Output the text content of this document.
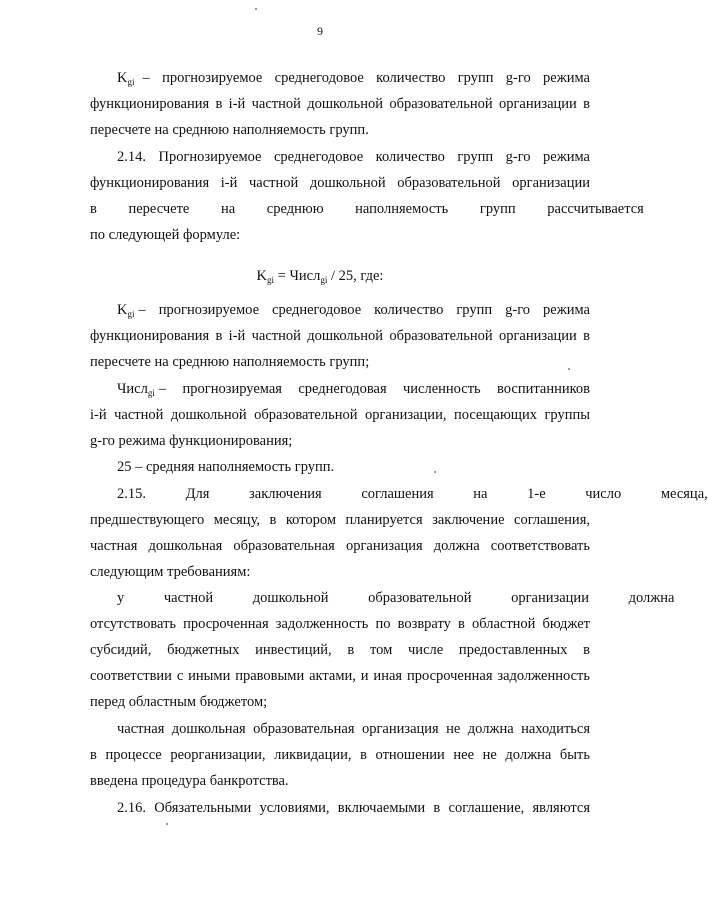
9
$K_{gi}$ – прогнозируемое среднегодовое количество групп g-го режима
функционирования в i-й частной дошкольной образовательной организации в
пересчете на среднюю наполняемость групп.
2.14. Прогнозируемое среднегодовое количество групп g-го режима
функционирования i-й частной дошкольной образовательной организации
в пересчете на среднюю наполняемость групп рассчитывается
по следующей формуле:
$K_{gi}$ = Числ$_{gi}$ / 25, где:
$K_{gi}$ – прогнозируемое среднегодовое количество групп g-го режима
функционирования в i-й частной дошкольной образовательной организации в
пересчете на среднюю наполняемость групп;
Числ$_{gi}$ – прогнозируемая среднегодовая численность воспитанников
i-й частной дошкольной образовательной организации, посещающих группы
g-го режима функционирования;
25 – средняя наполняемость групп.
2.15. Для заключения соглашения на 1-е число месяца,
предшествующего месяцу, в котором планируется заключение соглашения,
частная дошкольная образовательная организация должна соответствовать
следующим требованиям:
у частной дошкольной образовательной организации должна
отсутствовать просроченная задолженность по возврату в областной бюджет
субсидий, бюджетных инвестиций, в том числе предоставленных в
соответствии с иными правовыми актами, и иная просроченная задолженность
перед областным бюджетом;
частная дошкольная образовательная организация не должна находиться
в процессе реорганизации, ликвидации, в отношении нее не должна быть
введена процедура банкротства.
2.16. Обязательными условиями, включаемыми в соглашение, являются
